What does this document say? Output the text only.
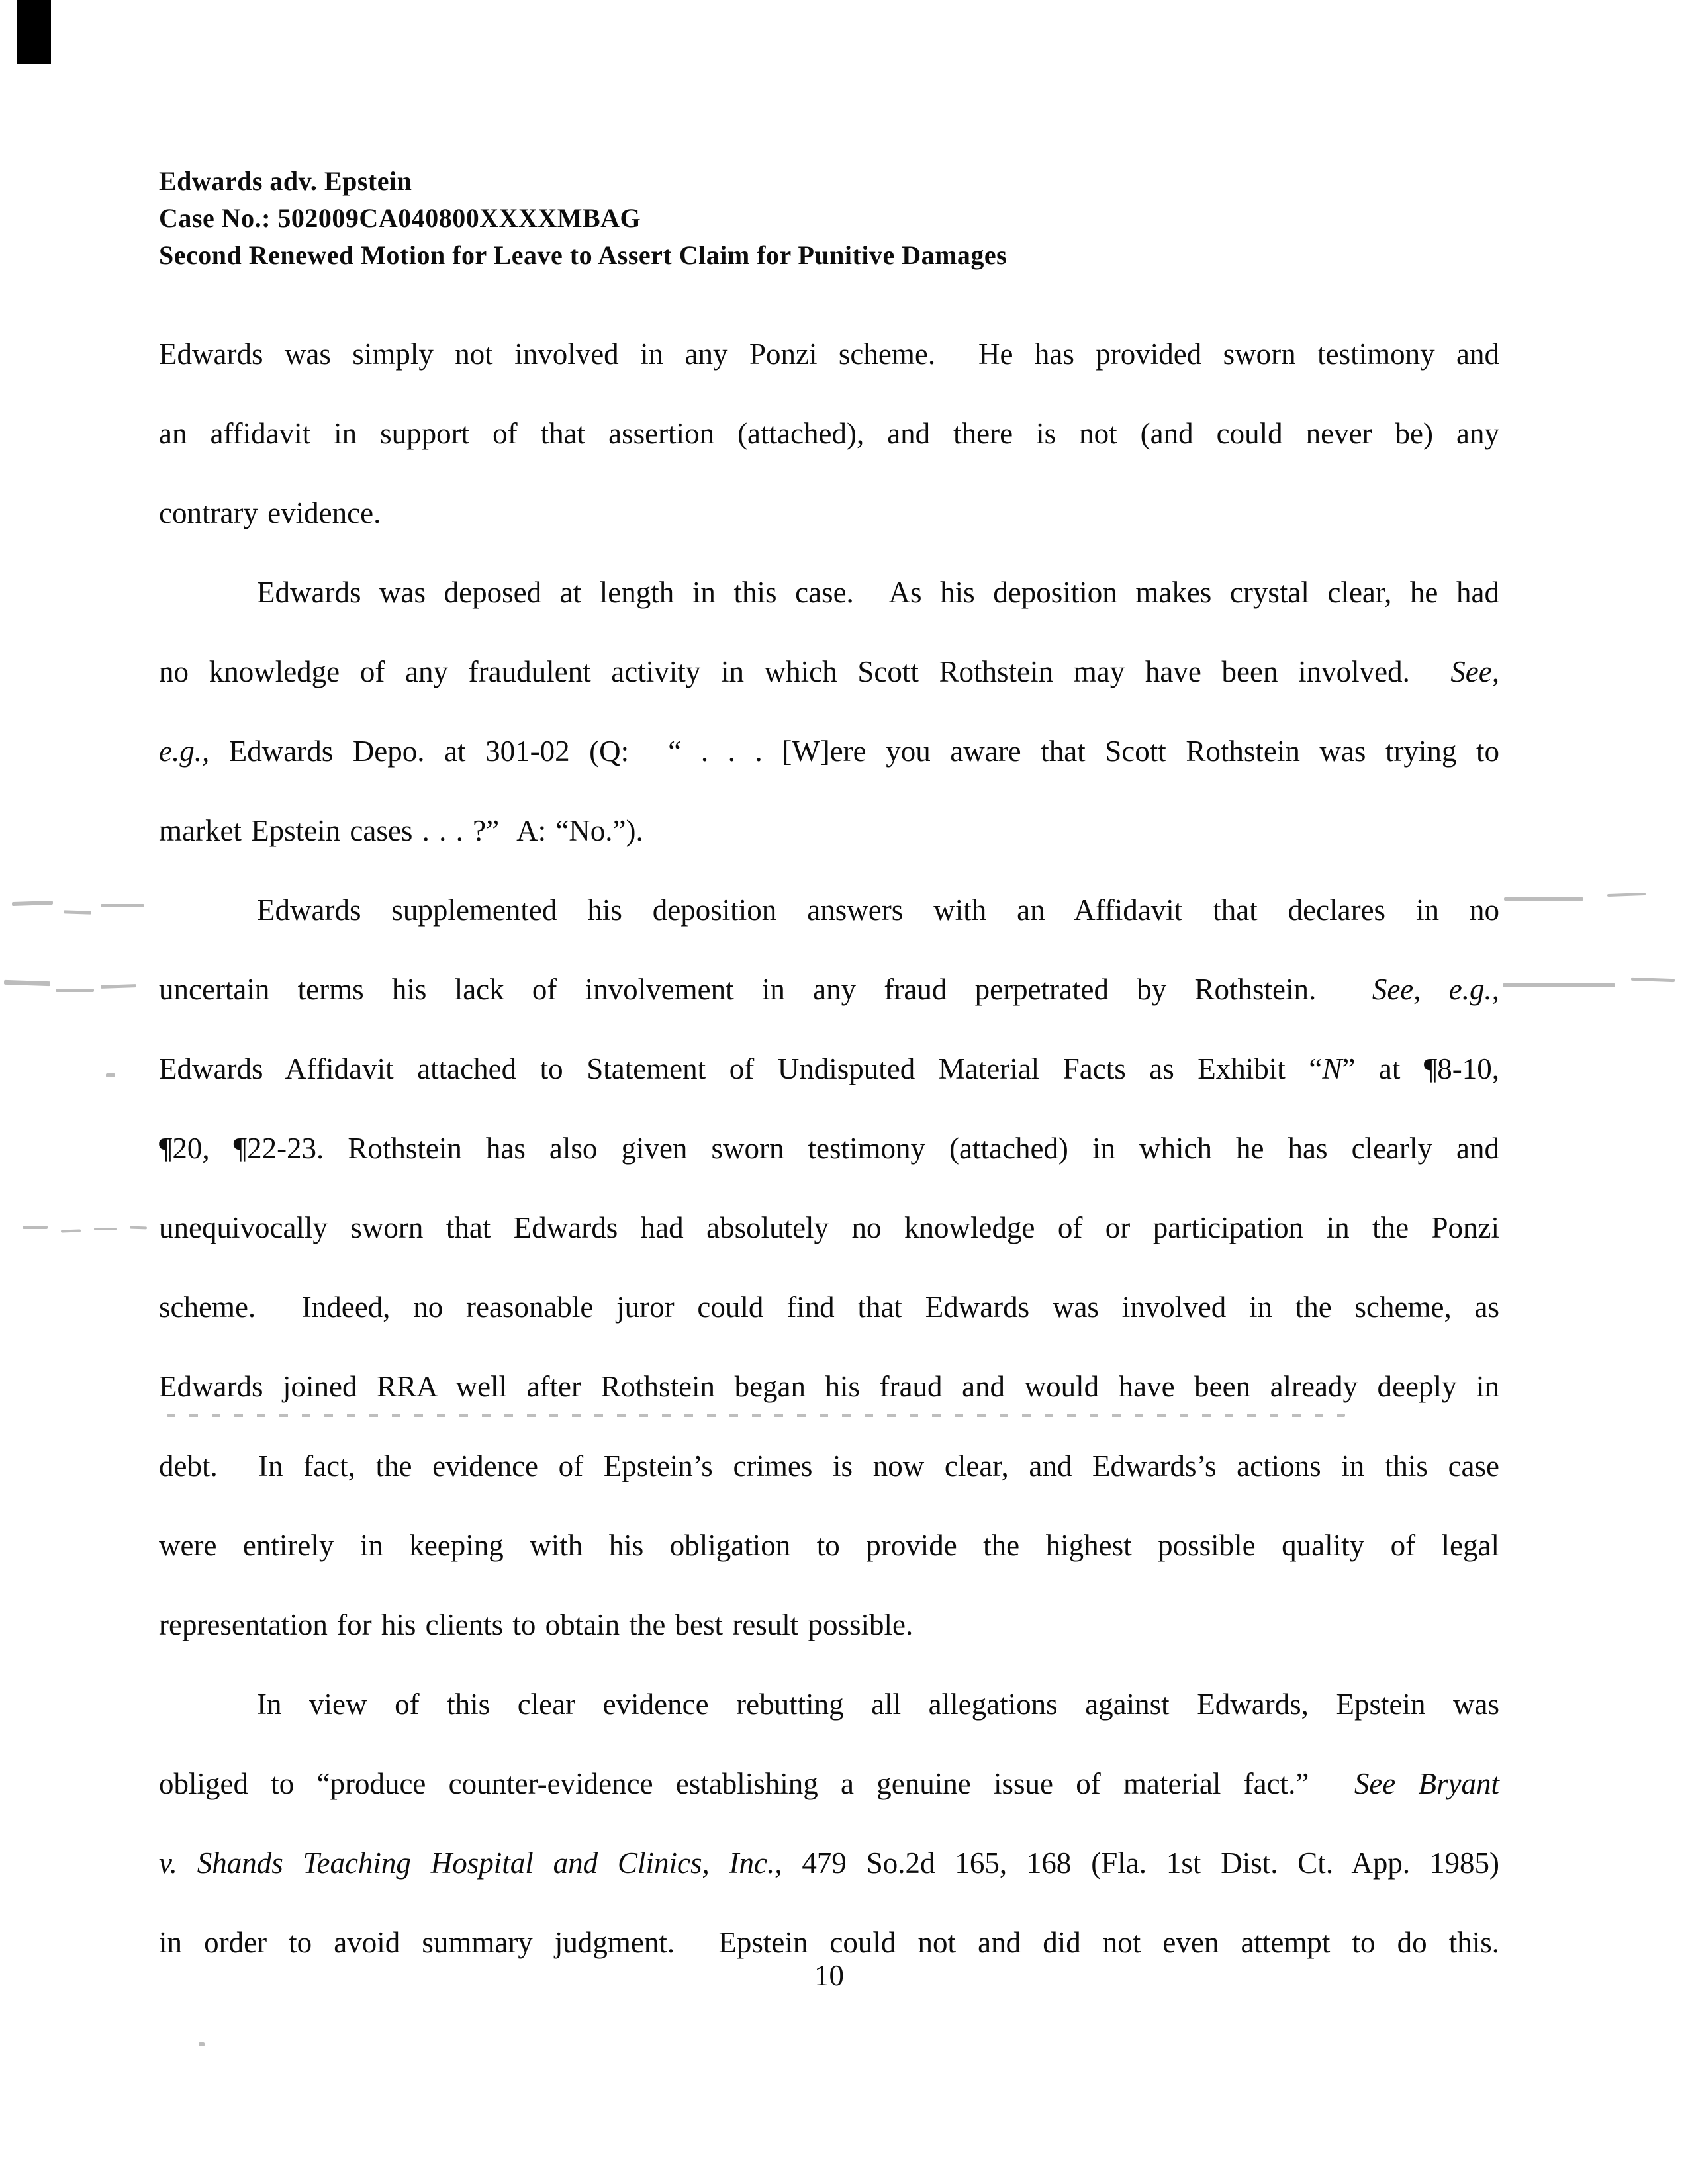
Edwards adv. Epstein
Case No.: 502009CA040800XXXXMBAG
Second Renewed Motion for Leave to Assert Claim for Punitive Damages
Edwards was simply not involved in any Ponzi scheme.  He has provided sworn testimony and
an affidavit in support of that assertion (attached), and there is not (and could never be) any
contrary evidence.
Edwards was deposed at length in this case.  As his deposition makes crystal clear, he had
no knowledge of any fraudulent activity in which Scott Rothstein may have been involved.  See,
e.g., Edwards Depo. at 301-02 (Q:  “ . . . [W]ere you aware that Scott Rothstein was trying to
market Epstein cases . . . ?”  A: “No.”).
Edwards supplemented his deposition answers with an Affidavit that declares in no
uncertain terms his lack of involvement in any fraud perpetrated by Rothstein.  See, e.g.,
Edwards Affidavit attached to Statement of Undisputed Material Facts as Exhibit “N” at ¶8-10,
¶20, ¶22-23. Rothstein has also given sworn testimony (attached) in which he has clearly and
unequivocally sworn that Edwards had absolutely no knowledge of or participation in the Ponzi
scheme.  Indeed, no reasonable juror could find that Edwards was involved in the scheme, as
Edwards joined RRA well after Rothstein began his fraud and would have been already deeply in
debt.  In fact, the evidence of Epstein’s crimes is now clear, and Edwards’s actions in this case
were entirely in keeping with his obligation to provide the highest possible quality of legal
representation for his clients to obtain the best result possible.
In view of this clear evidence rebutting all allegations against Edwards, Epstein was
obliged to “produce counter-evidence establishing a genuine issue of material fact.”  See Bryant
v. Shands Teaching Hospital and Clinics, Inc., 479 So.2d 165, 168 (Fla. 1st Dist. Ct. App. 1985)
in order to avoid summary judgment.  Epstein could not and did not even attempt to do this.
10
